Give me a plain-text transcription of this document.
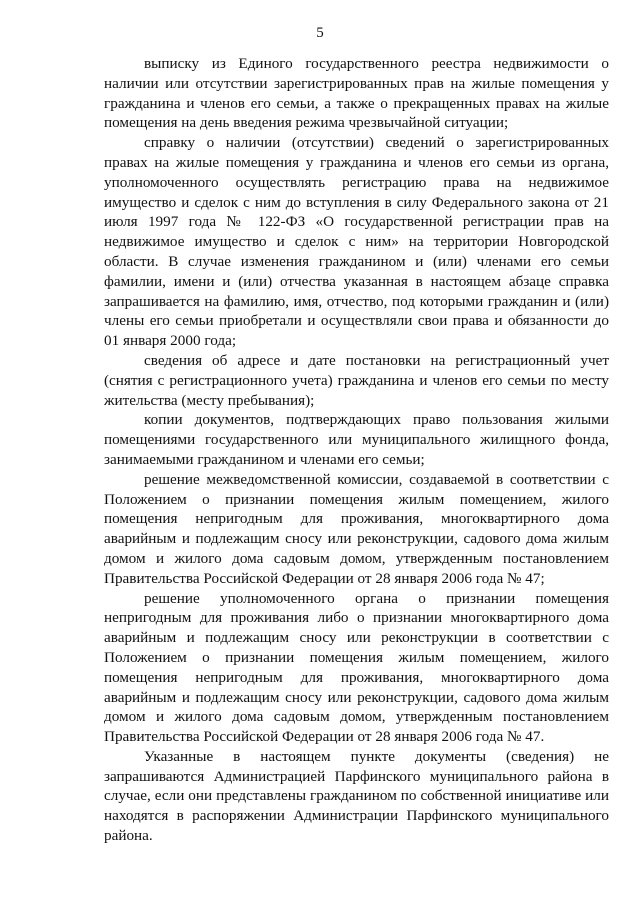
5

выписку из Единого государственного реестра недвижимости о наличии или отсутствии зарегистрированных прав на жилые помещения у гражданина и членов его семьи, а также о прекращенных правах на жилые помещения на день введения режима чрезвычайной ситуации;

справку о наличии (отсутствии) сведений о зарегистрированных правах на жилые помещения у гражданина и членов его семьи из органа, уполномоченного осуществлять регистрацию права на недвижимое имущество и сделок с ним до вступления в силу Федерального закона от 21 июля 1997 года № 122-ФЗ «О государственной регистрации прав на недвижимое имущество и сделок с ним» на территории Новгородской области. В случае изменения гражданином и (или) членами его семьи фамилии, имени и (или) отчества указанная в настоящем абзаце справка запрашивается на фамилию, имя, отчество, под которыми гражданин и (или) члены его семьи приобретали и осуществляли свои права и обязанности до 01 января 2000 года;

сведения об адресе и дате постановки на регистрационный учет (снятия с регистрационного учета) гражданина и членов его семьи по месту жительства (месту пребывания);

копии документов, подтверждающих право пользования жилыми помещениями государственного или муниципального жилищного фонда, занимаемыми гражданином и членами его семьи;

решение межведомственной комиссии, создаваемой в соответствии с Положением о признании помещения жилым помещением, жилого помещения непригодным для проживания, многоквартирного дома аварийным и подлежащим сносу или реконструкции, садового дома жилым домом и жилого дома садовым домом, утвержденным постановлением Правительства Российской Федерации от 28 января 2006 года № 47;

решение уполномоченного органа о признании помещения непригодным для проживания либо о признании многоквартирного дома аварийным и подлежащим сносу или реконструкции в соответствии с Положением о признании помещения жилым помещением, жилого помещения непригодным для проживания, многоквартирного дома аварийным и подлежащим сносу или реконструкции, садового дома жилым домом и жилого дома садовым домом, утвержденным постановлением Правительства Российской Федерации от 28 января 2006 года № 47.

Указанные в настоящем пункте документы (сведения) не запрашиваются Администрацией Парфинского муниципального района в случае, если они представлены гражданином по собственной инициативе или находятся в распоряжении Администрации Парфинского муниципального района.
